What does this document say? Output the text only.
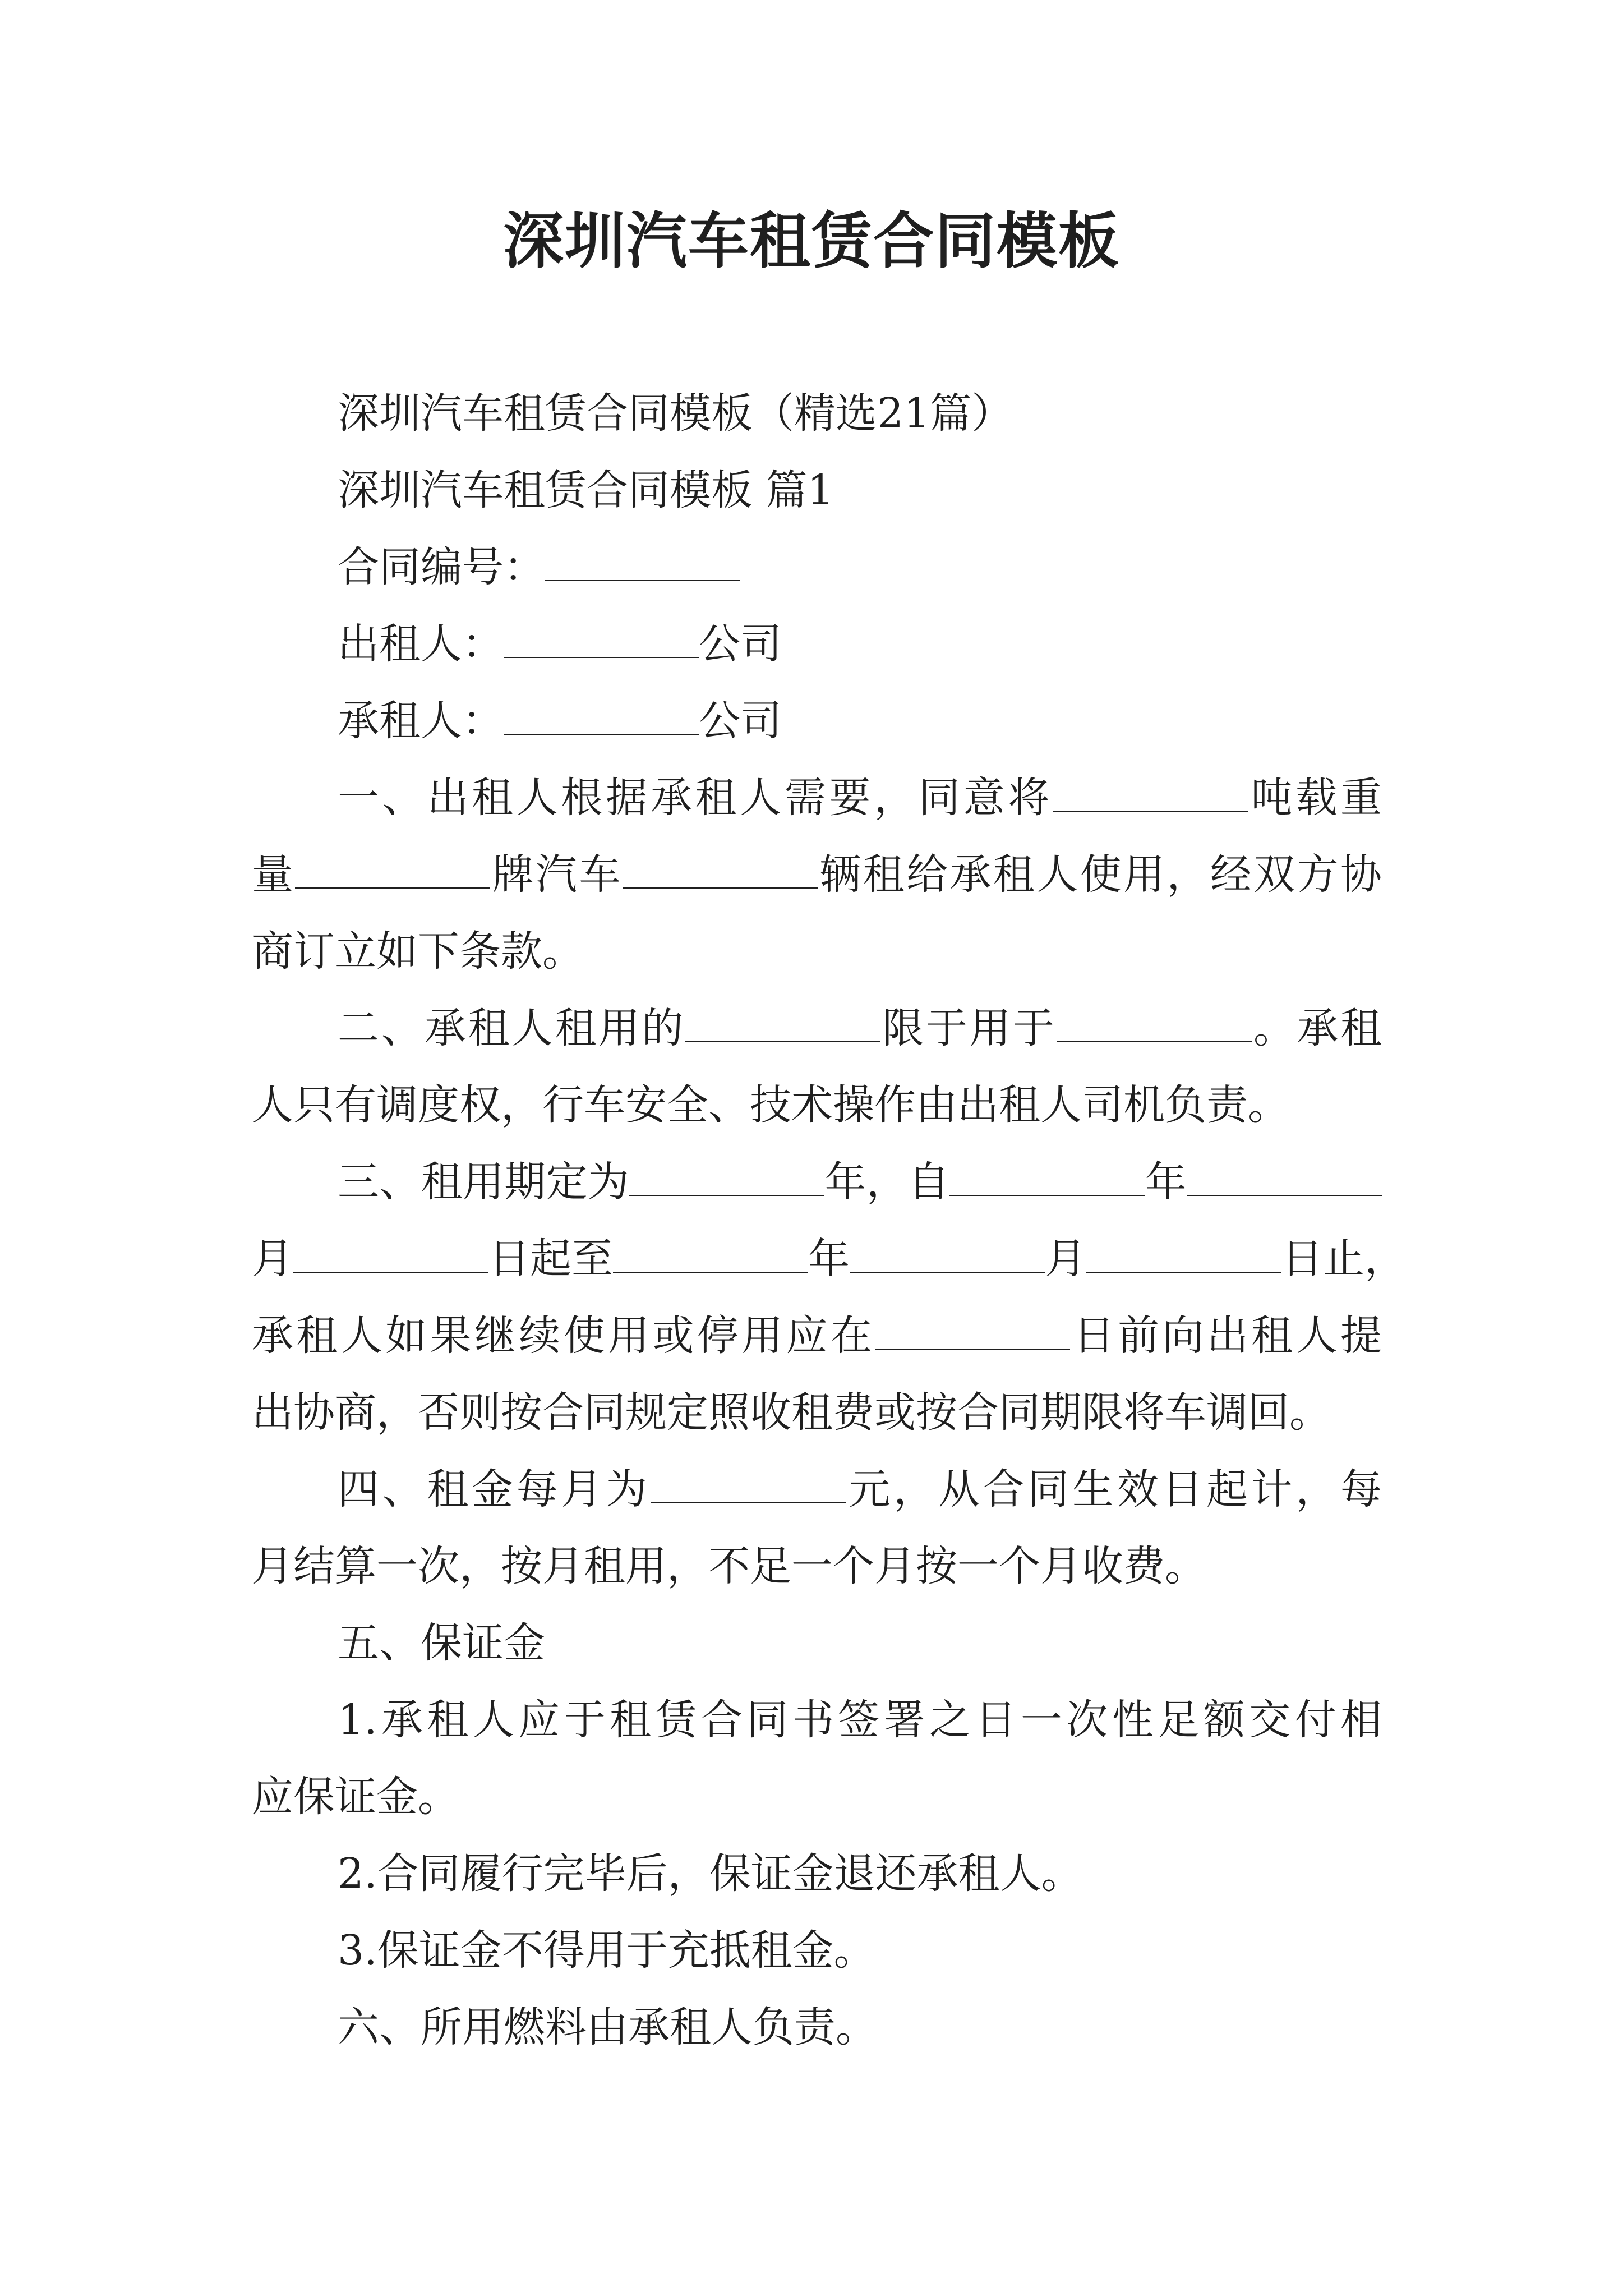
深圳汽车租赁合同模板
深圳汽车租赁合同模板（精选21篇）
深圳汽车租赁合同模板 篇1
合同编号：
出租人：	公司
承租人：	公司
一、出租人根据承租人需要，同意将	吨载重
量	牌汽车	辆租给承租人使用，经双方协
商订立如下条款。
二、承租人租用的	限于用于	。承租
人只有调度权，行车安全、技术操作由出租人司机负责。
三、租用期定为	年，自	年
月	日起至	年	月	日止，
承租人如果继续使用或停用应在	日前向出租人提
出协商，否则按合同规定照收租费或按合同期限将车调回。
四、租金每月为	元，从合同生效日起计，每
月结算一次，按月租用，不足一个月按一个月收费。
五、保证金
1.承租人应于租赁合同书签署之日一次性足额交付相
应保证金。
2.合同履行完毕后，保证金退还承租人。
3.保证金不得用于充抵租金。
六、所用燃料由承租人负责。
